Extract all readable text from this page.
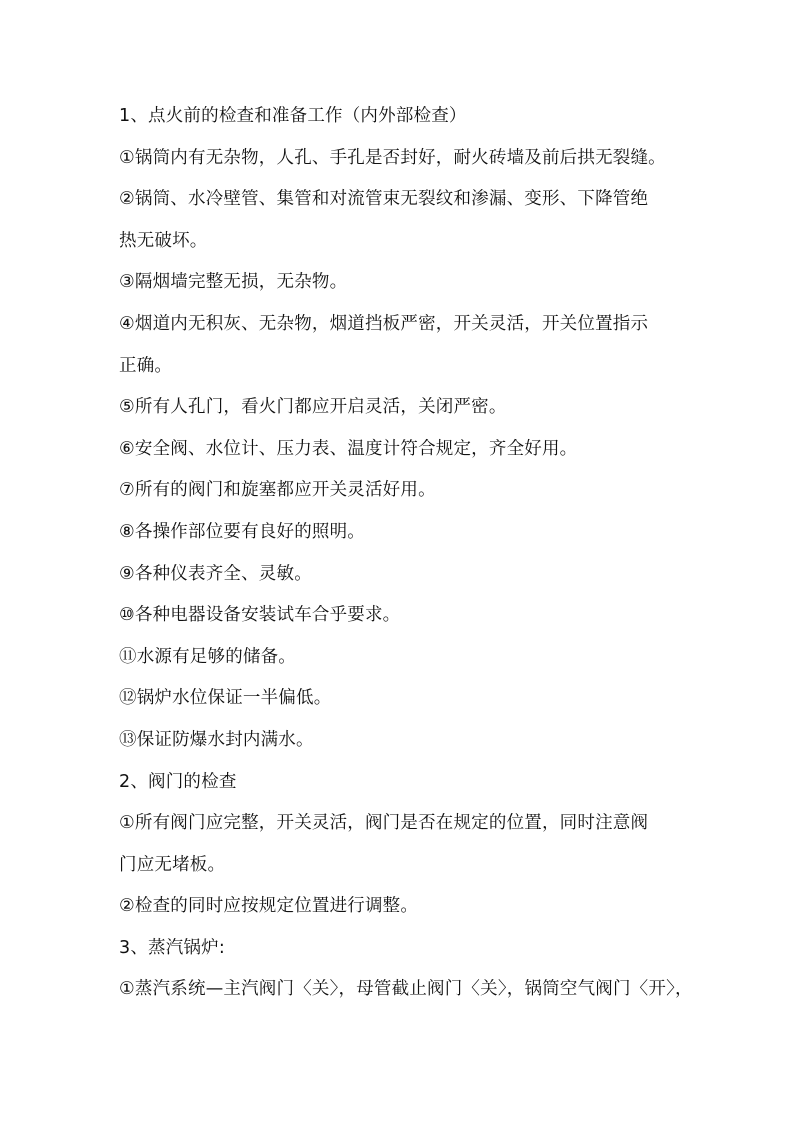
1、点火前的检查和准备工作（内外部检查）
①锅筒内有无杂物，人孔、手孔是否封好，耐火砖墙及前后拱无裂缝。
②锅筒、水冷壁管、集管和对流管束无裂纹和渗漏、变形、下降管绝
热无破坏。
③隔烟墙完整无损，无杂物。
④烟道内无积灰、无杂物，烟道挡板严密，开关灵活，开关位置指示
正确。
⑤所有人孔门，看火门都应开启灵活，关闭严密。
⑥安全阀、水位计、压力表、温度计符合规定，齐全好用。
⑦所有的阀门和旋塞都应开关灵活好用。
⑧各操作部位要有良好的照明。
⑨各种仪表齐全、灵敏。
⑩各种电器设备安装试车合乎要求。
⑪水源有足够的储备。
⑫锅炉水位保证一半偏低。
⑬保证防爆水封内满水。
2、阀门的检查
①所有阀门应完整，开关灵活，阀门是否在规定的位置，同时注意阀
门应无堵板。
②检查的同时应按规定位置进行调整。
3、蒸汽锅炉:
①蒸汽系统—主汽阀门〈关〉，母管截止阀门〈关〉，锅筒空气阀门〈开〉，
